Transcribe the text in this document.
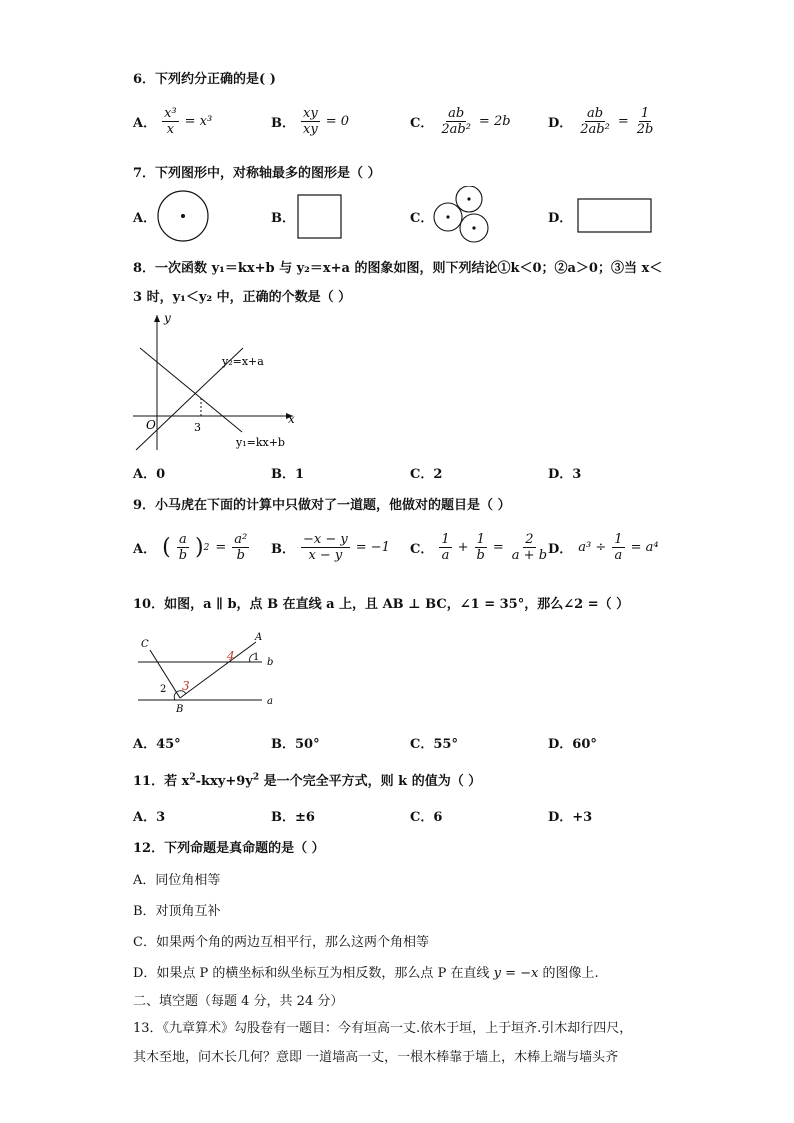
6．下列约分正确的是( )
A． $\frac{\text{x³}}{x} = x^3$	B． $\frac{xy}{xy} = 0$	C． $\frac{ab}{\text{2ab²}} = 2b$	D． $\frac{ab}{\text{2ab²}} = \frac{1}{2b}$
7．下列图形中，对称轴最多的图形是（ ）
A．	B．	C．	D．
8．一次函数 y₁＝kx+b 与 y₂＝x+a 的图象如图，则下列结论①k＜0；②a＞0；③当 x＜
3 时，y₁＜y₂ 中，正确的个数是（ ）
y
x
O	3
y₂=x+a
y₁=kx+b
A．0	B．1	C．2	D．3
9．小马虎在下面的计算中只做对了一道题，他做对的题目是（ ）
A． ( $\frac{a}{b}$ ) $2 = \frac{\text{a²}}{b}$ B． $\frac{-x - y}{x - y} = -1$ C． $\frac{1}{a} + \frac{1}{b} = \frac{2}{a + b}$
D． $a^3 \div \frac{1}{a} = a^4$
10．如图，a ∥ b，点 B 在直线 a 上，且 AB ⊥ BC，∠1 = 35°，那么∠2 =（ ）
C
A
B
b
a
1
2 3
4
A．45°	B．50°	C．55°	D．60°
11．若 $x^2-kxy+9y^2$ 是一个完全平方式，则 k 的值为（ ）
A．3	B．±6	C．6	D．+3
12．下列命题是真命题的是（ ）
A．同位角相等
B．对顶角互补
C．如果两个角的两边互相平行，那么这两个角相等
D．如果点 P 的横坐标和纵坐标互为相反数，那么点 P 在直线 y = −x 的图像上.
二、填空题（每题 4 分，共 24 分）
13．《九章算术》勾股卷有一题目：今有垣高一丈.依木于垣，上于垣齐.引木却行四尺，
其木至地，问木长几何？意即 一道墙高一丈，一根木棒靠于墙上，木棒上端与墙头齐
